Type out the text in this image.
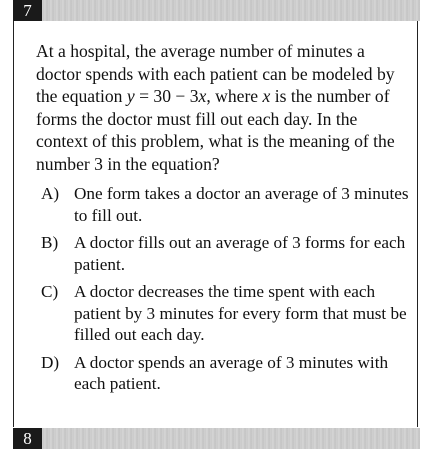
7

At a hospital, the average number of minutes a doctor spends with each patient can be modeled by the equation y = 30 − 3x, where x is the number of forms the doctor must fill out each day. In the context of this problem, what is the meaning of the number 3 in the equation?

A) One form takes a doctor an average of 3 minutes to fill out.
B) A doctor fills out an average of 3 forms for each patient.
C) A doctor decreases the time spent with each patient by 3 minutes for every form that must be filled out each day.
D) A doctor spends an average of 3 minutes with each patient.
8
